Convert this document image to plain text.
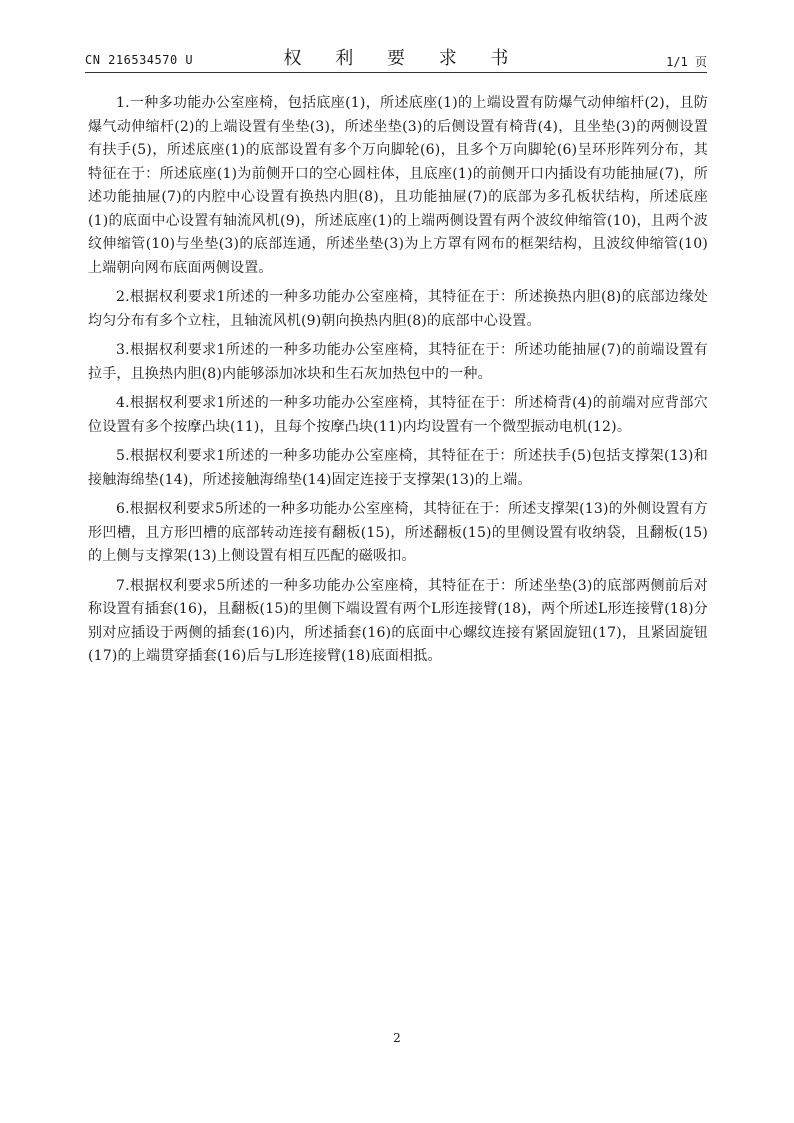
CN 216534570 U	权 利 要 求 书	1/1 页

1.一种多功能办公室座椅，包括底座(1)，所述底座(1)的上端设置有防爆气动伸缩杆(2)，且防爆气动伸缩杆(2)的上端设置有坐垫(3)，所述坐垫(3)的后侧设置有椅背(4)，且坐垫(3)的两侧设置有扶手(5)，所述底座(1)的底部设置有多个万向脚轮(6)，且多个万向脚轮(6)呈环形阵列分布，其特征在于：所述底座(1)为前侧开口的空心圆柱体，且底座(1)的前侧开口内插设有功能抽屉(7)，所述功能抽屉(7)的内腔中心设置有换热内胆(8)，且功能抽屉(7)的底部为多孔板状结构，所述底座(1)的底面中心设置有轴流风机(9)，所述底座(1)的上端两侧设置有两个波纹伸缩管(10)，且两个波纹伸缩管(10)与坐垫(3)的底部连通，所述坐垫(3)为上方罩有网布的框架结构，且波纹伸缩管(10)上端朝向网布底面两侧设置。

2.根据权利要求1所述的一种多功能办公室座椅，其特征在于：所述换热内胆(8)的底部边缘处均匀分布有多个立柱，且轴流风机(9)朝向换热内胆(8)的底部中心设置。

3.根据权利要求1所述的一种多功能办公室座椅，其特征在于：所述功能抽屉(7)的前端设置有拉手，且换热内胆(8)内能够添加冰块和生石灰加热包中的一种。

4.根据权利要求1所述的一种多功能办公室座椅，其特征在于：所述椅背(4)的前端对应背部穴位设置有多个按摩凸块(11)，且每个按摩凸块(11)内均设置有一个微型振动电机(12)。

5.根据权利要求1所述的一种多功能办公室座椅，其特征在于：所述扶手(5)包括支撑架(13)和接触海绵垫(14)，所述接触海绵垫(14)固定连接于支撑架(13)的上端。

6.根据权利要求5所述的一种多功能办公室座椅，其特征在于：所述支撑架(13)的外侧设置有方形凹槽，且方形凹槽的底部转动连接有翻板(15)，所述翻板(15)的里侧设置有收纳袋，且翻板(15)的上侧与支撑架(13)上侧设置有相互匹配的磁吸扣。

7.根据权利要求5所述的一种多功能办公室座椅，其特征在于：所述坐垫(3)的底部两侧前后对称设置有插套(16)，且翻板(15)的里侧下端设置有两个L形连接臂(18)，两个所述L形连接臂(18)分别对应插设于两侧的插套(16)内，所述插套(16)的底面中心螺纹连接有紧固旋钮(17)，且紧固旋钮(17)的上端贯穿插套(16)后与L形连接臂(18)底面相抵。

2
